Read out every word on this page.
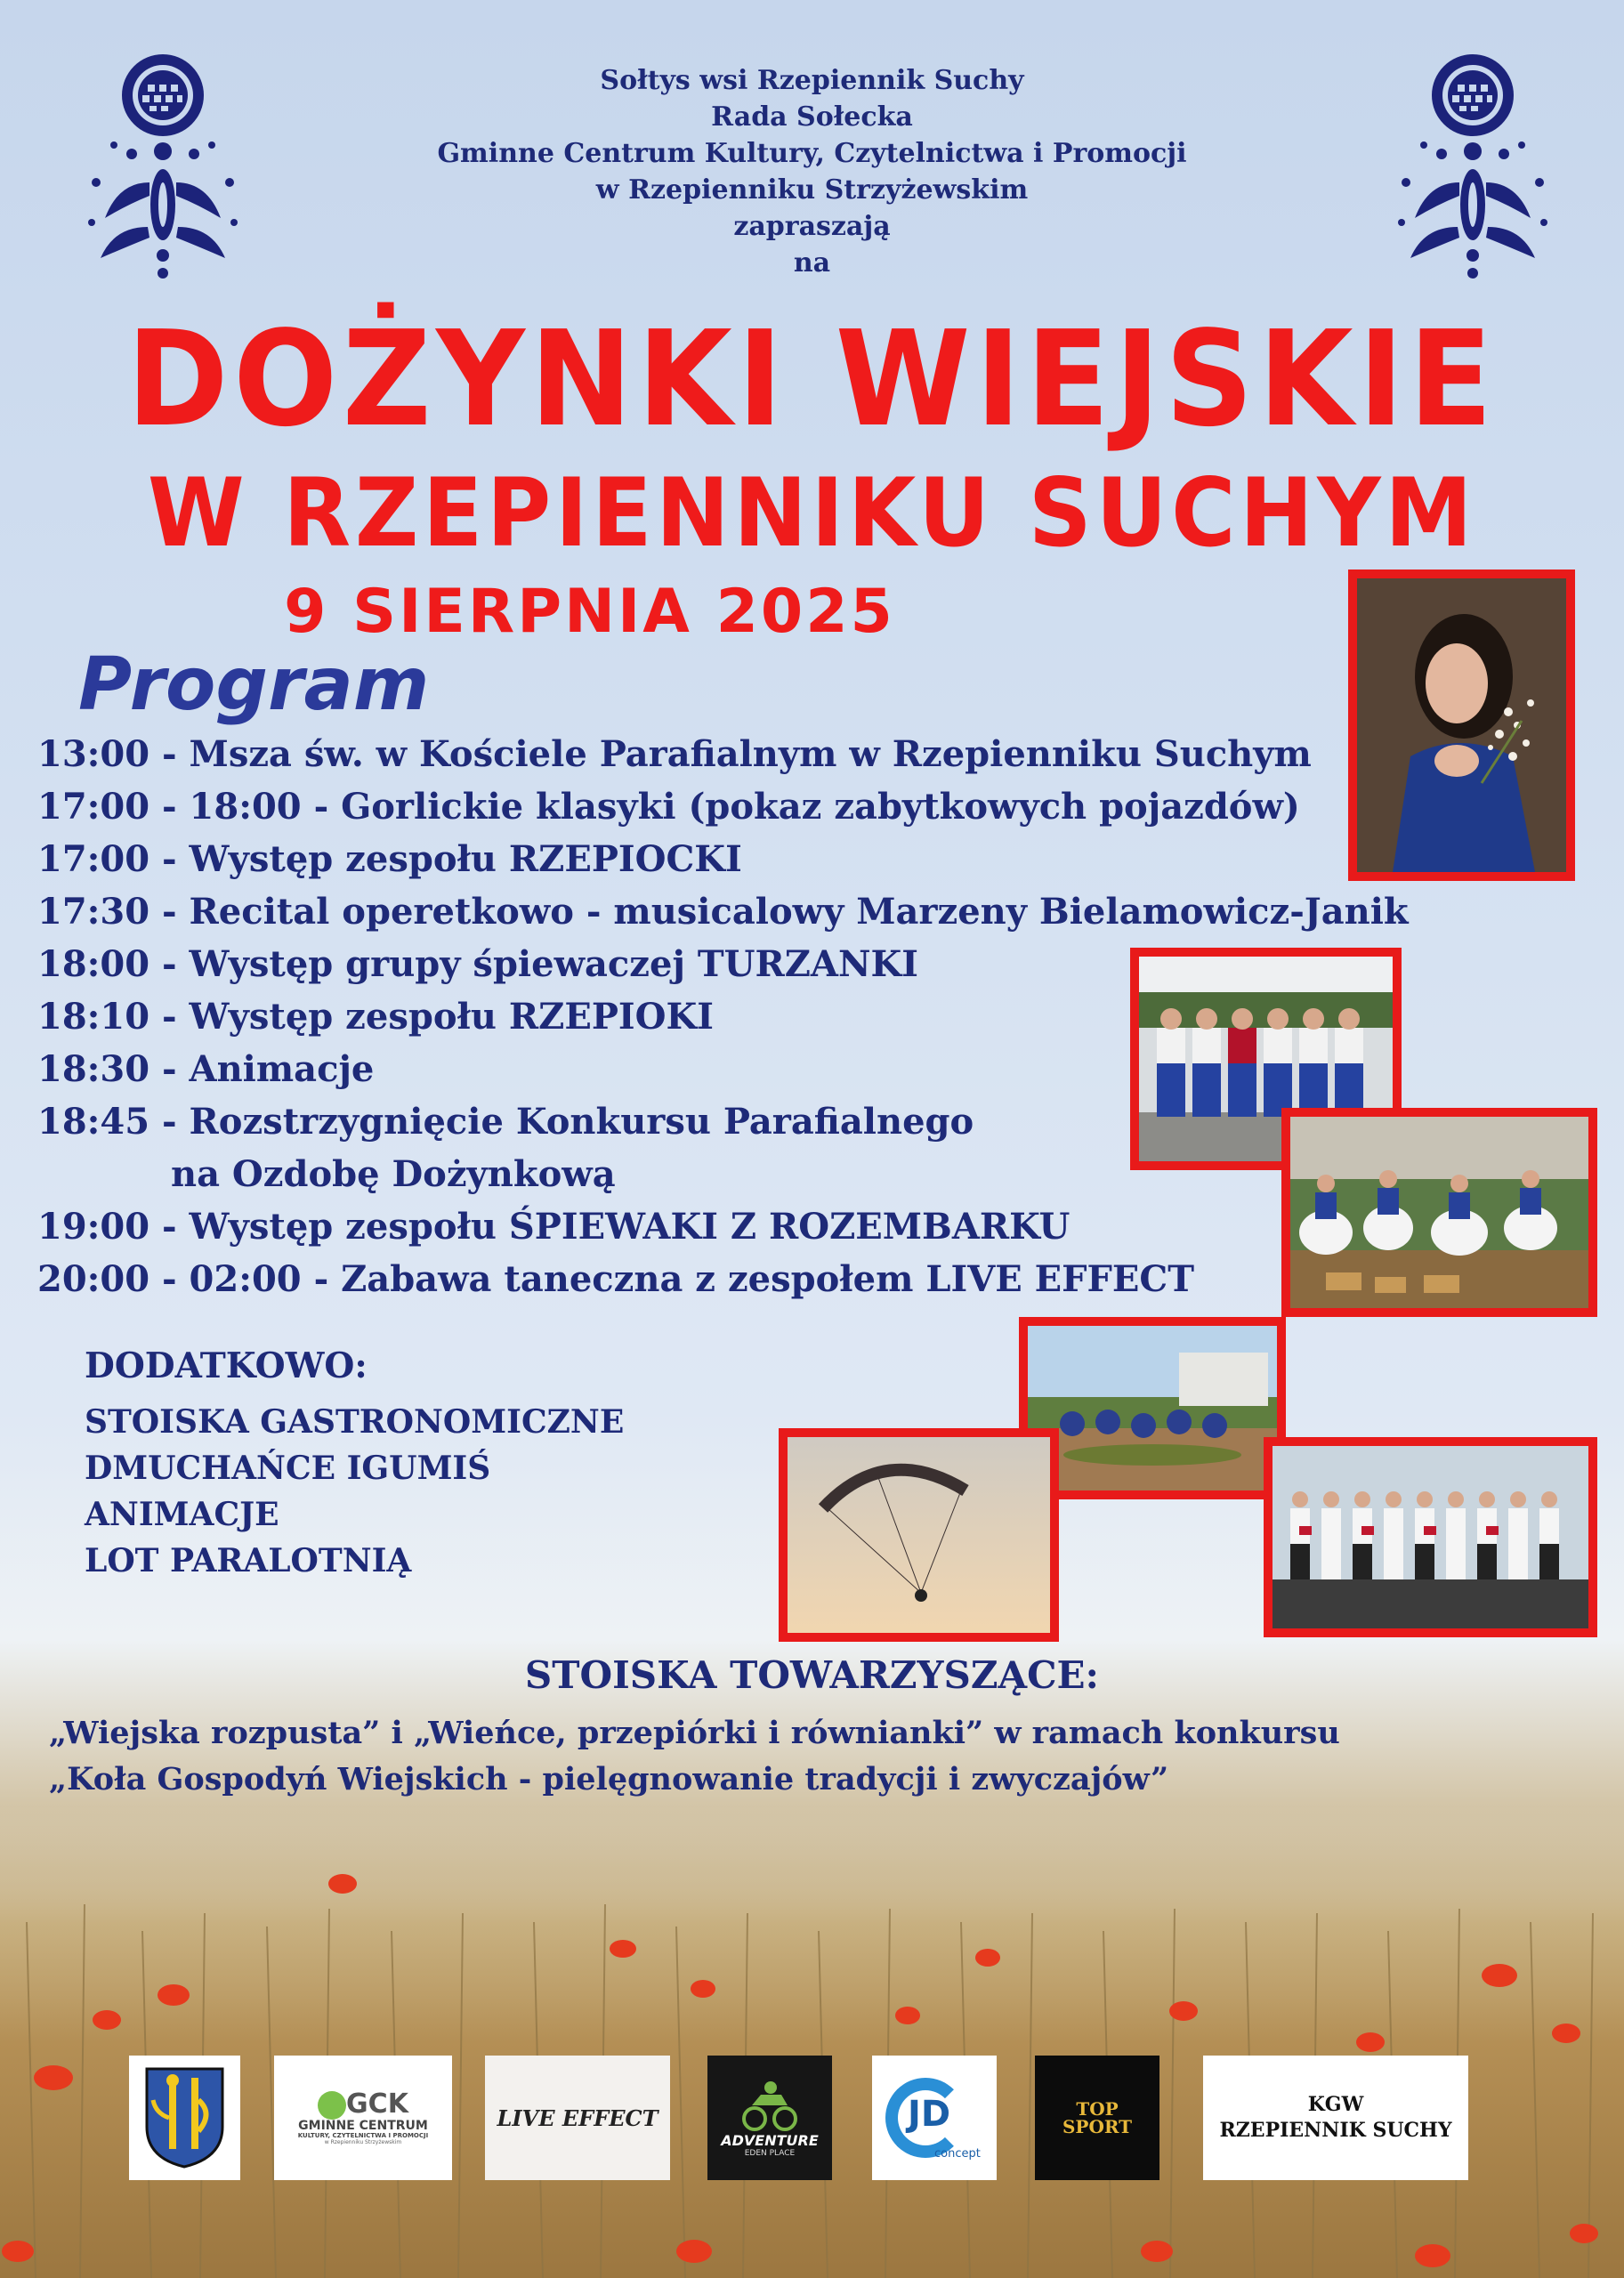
Sołtys wsi Rzepiennik Suchy
Rada Sołecka
Gminne Centrum Kultury, Czytelnictwa i Promocji
w Rzepienniku Strzyżewskim
zapraszają
na
DOŻYNKI WIEJSKIE
W RZEPIENNIKU SUCHYM
9 SIERPNIA 2025
Program
13:00 - Msza św. w Kościele Parafialnym w Rzepienniku Suchym
17:00 - 18:00 - Gorlickie klasyki (pokaz zabytkowych pojazdów)
17:00 - Występ zespołu RZEPIOCKI
17:30 - Recital operetkowo - musicalowy Marzeny Bielamowicz-Janik
18:00 - Występ grupy śpiewaczej TURZANKI
18:10 - Występ zespołu RZEPIOKI
18:30 - Animacje
18:45 - Rozstrzygnięcie Konkursu Parafialnego
na Ozdobę Dożynkową
19:00 - Występ zespołu ŚPIEWAKI Z ROZEMBARKU
20:00 - 02:00 - Zabawa taneczna z zespołem LIVE EFFECT
DODATKOWO:
STOISKA GASTRONOMICZNE
DMUCHAŃCE IGUMIŚ
ANIMACJE
LOT PARALOTNIĄ
STOISKA TOWARZYSZĄCE:
„Wiejska rozpusta” i „Wieńce, przepiórki i równianki” w ramach konkursu
„Koła Gospodyń Wiejskich - pielęgnowanie tradycji i zwyczajów”
GCK
GMINNE CENTRUM
KULTURY, CZYTELNICTWA I PROMOCJI
w Rzepienniku Strzyżewskim
LIVE EFFECT
ADVENTURE
EDEN PLACE
JD
concept
TOP
SPORT
KGW
RZEPIENNIK SUCHY
